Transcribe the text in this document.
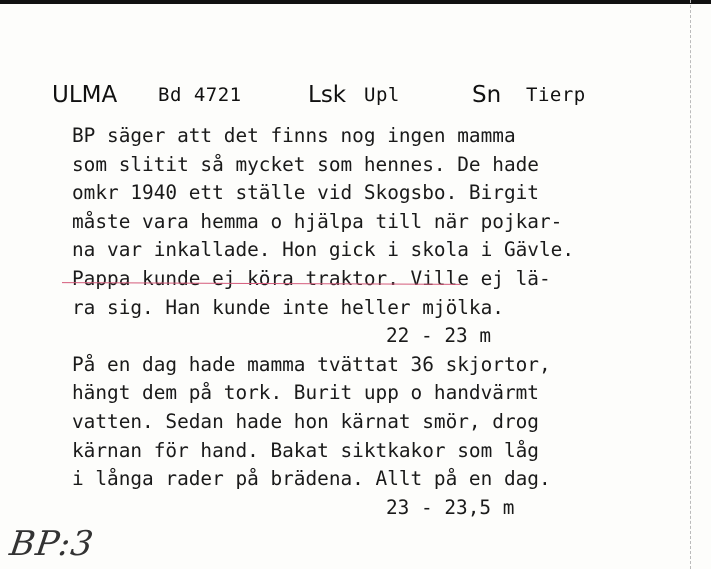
ULMA Bd 4721	Lsk Upl	Sn Tierp
BP säger att det finns nog ingen mamma
som slitit så mycket som hennes. De hade
omkr 1940 ett ställe vid Skogsbo. Birgit
måste vara hemma o hjälpa till när pojkar-
na var inkallade. Hon gick i skola i Gävle.
Pappa kunde ej köra traktor. Ville ej lä-
ra sig. Han kunde inte heller mjölka.
22 - 23 m
På en dag hade mamma tvättat 36 skjortor,
hängt dem på tork. Burit upp o handvärmt
vatten. Sedan hade hon kärnat smör, drog
kärnan för hand. Bakat siktkakor som låg
i långa rader på brädena. Allt på en dag.
23 - 23,5 m
BP:3
